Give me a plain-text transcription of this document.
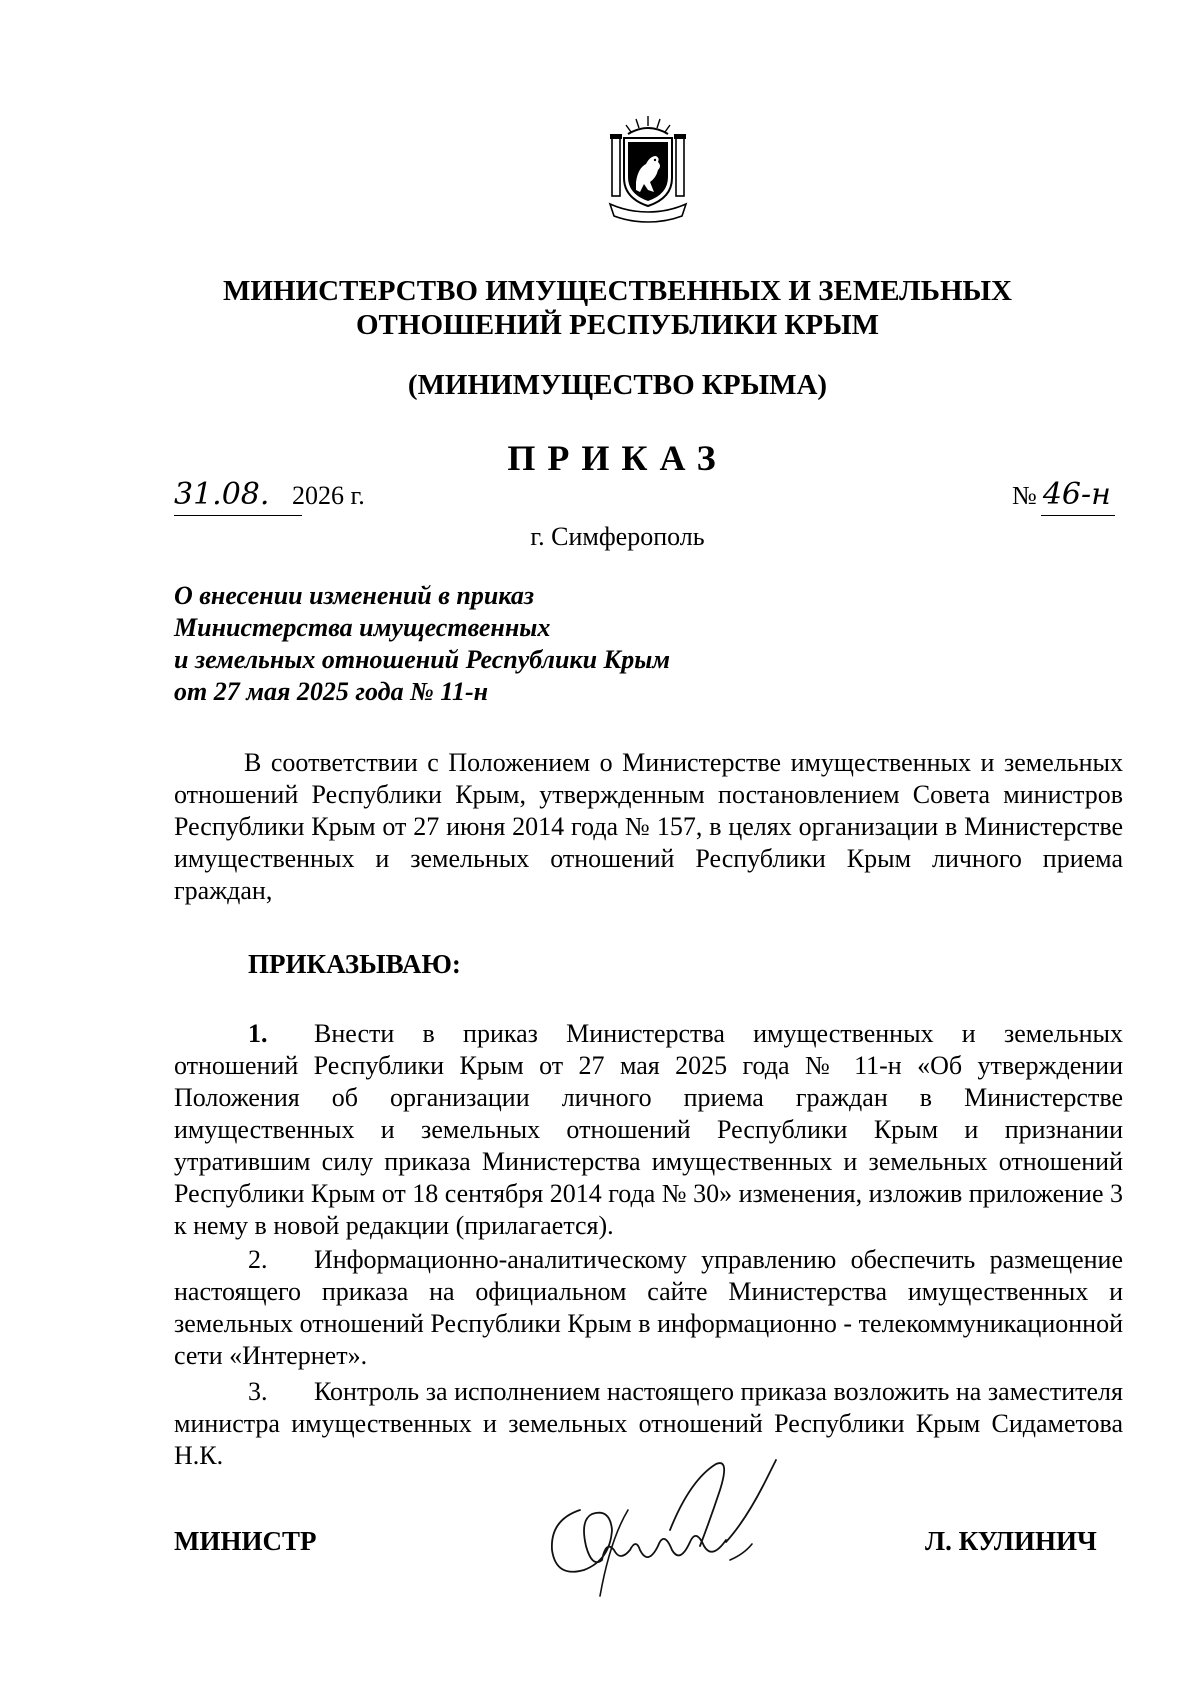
МИНИСТЕРСТВО ИМУЩЕСТВЕННЫХ И ЗЕМЕЛЬНЫХ
ОТНОШЕНИЙ РЕСПУБЛИКИ КРЫМ
(МИНИМУЩЕСТВО КРЫМА)
ПРИКАЗ
31.08. 2026 г.	№ 46-н
г. Симферополь
О внесении изменений в приказ
Министерства имущественных
и земельных отношений Республики Крым
от 27 мая 2025 года № 11-н
В соответствии с Положением о Министерстве имущественных и земельных отношений Республики Крым, утвержденным постановлением Совета министров Республики Крым от 27 июня 2014 года № 157, в целях организации в Министерстве имущественных и земельных отношений Республики Крым личного приема граждан,
ПРИКАЗЫВАЮ:
1. Внести в приказ Министерства имущественных и земельных отношений Республики Крым от 27 мая 2025 года № 11-н «Об утверждении Положения об организации личного приема граждан в Министерстве имущественных и земельных отношений Республики Крым и признании утратившим силу приказа Министерства имущественных и земельных отношений Республики Крым от 18 сентября 2014 года № 30» изменения, изложив приложение 3 к нему в новой редакции (прилагается).
2. Информационно-аналитическому управлению обеспечить размещение настоящего приказа на официальном сайте Министерства имущественных и земельных отношений Республики Крым в информационно - телекоммуникационной сети «Интернет».
3. Контроль за исполнением настоящего приказа возложить на заместителя министра имущественных и земельных отношений Республики Крым Сидаметова Н.К.
МИНИСТР	Л. КУЛИНИЧ
